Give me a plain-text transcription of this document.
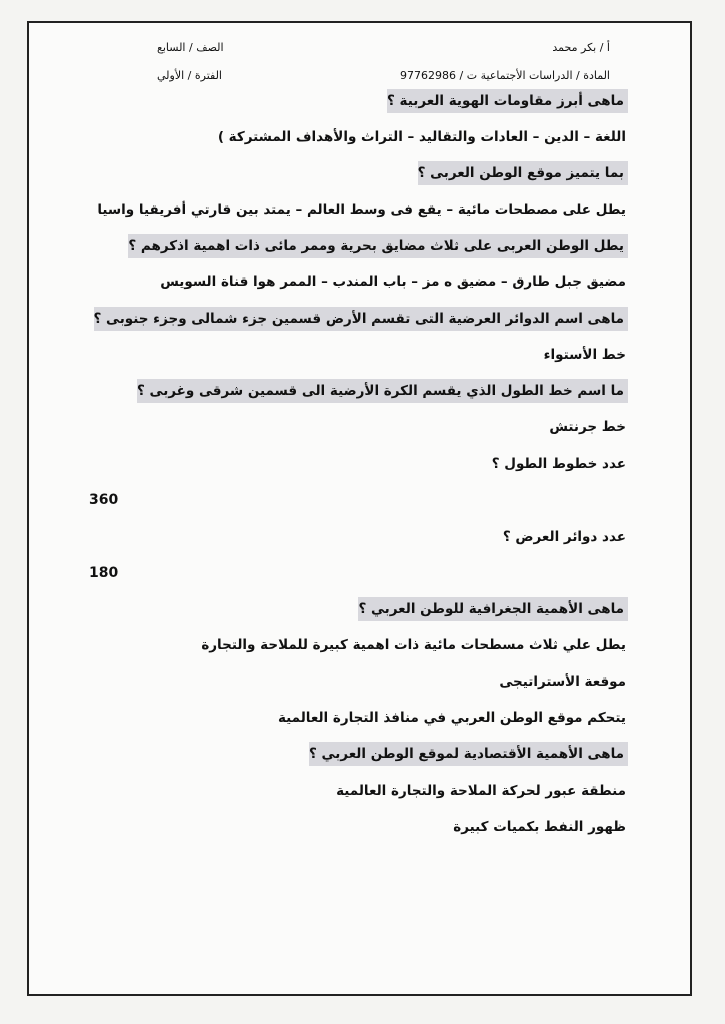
أ / بكر محمد
الصف / السابع
المادة / الدراسات الأجتماعية ت / 97762986
الفترة / الأولي
ماهى أبرز مقاومات الهوية العربية ؟
اللغة – الدين – العادات والتقاليد – التراث والأهداف المشتركة )
بما يتميز موقع الوطن العربى ؟
يطل على مصطحات مائية – يقع فى وسط العالم – يمتد بين قارتي أفريقيا واسيا
يطل الوطن العربى على ثلاث مضايق بحرية وممر مائى ذات اهمية اذكرهم ؟
مضيق جبل طارق – مضيق ه مز – باب المندب – الممر هوا قناة السويس
ماهى اسم الدوائر العرضية التى تقسم الأرض قسمين جزء شمالى وجزء جنوبى ؟
خط الأستواء
ما اسم خط الطول الذي يقسم الكرة الأرضية الى قسمين شرقى وغربى ؟
خط جرنتش
عدد خطوط الطول ؟
360
عدد دوائر العرض ؟
180
ماهى الأهمية الجغرافية للوطن العربي ؟
يطل علي ثلاث مسطحات مائية ذات اهمية كبيرة للملاحة والتجارة
موقعة الأستراتيجى
يتحكم موقع الوطن العربي في منافذ التجارة العالمية
ماهى الأهمية الأقتصادية لموقع الوطن العربي ؟
منطقة عبور لحركة الملاحة والتجارة العالمية
ظهور النفط بكميات كبيرة
